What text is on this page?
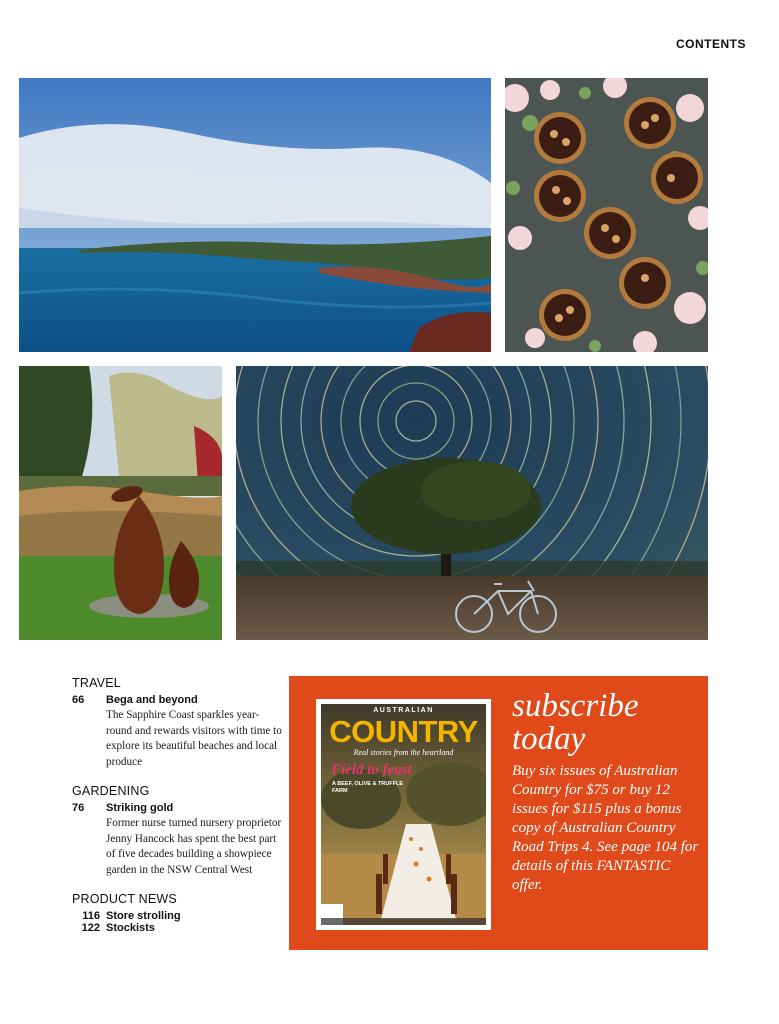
CONTENTS
TRAVEL
66	Bega and beyond
The Sapphire Coast sparkles year-round and rewards visitors with time to explore its beautiful beaches and local produce
GARDENING
76	Striking gold
Former nurse turned nursery proprietor Jenny Hancock has spent the best part of five decades building a showpiece garden in the NSW Central West
PRODUCT NEWS
116 Store strolling
122 Stockists
AUSTRALIAN
COUNTRY
Real stories from the heartland
Field to feast
A BEEF, OLIVE & TRUFFLE FARM
subscribe today
Buy six issues of Australian Country for $75 or buy 12 issues for $115 plus a bonus copy of Australian Country Road Trips 4. See page 104 for details of this FANTASTIC offer.
